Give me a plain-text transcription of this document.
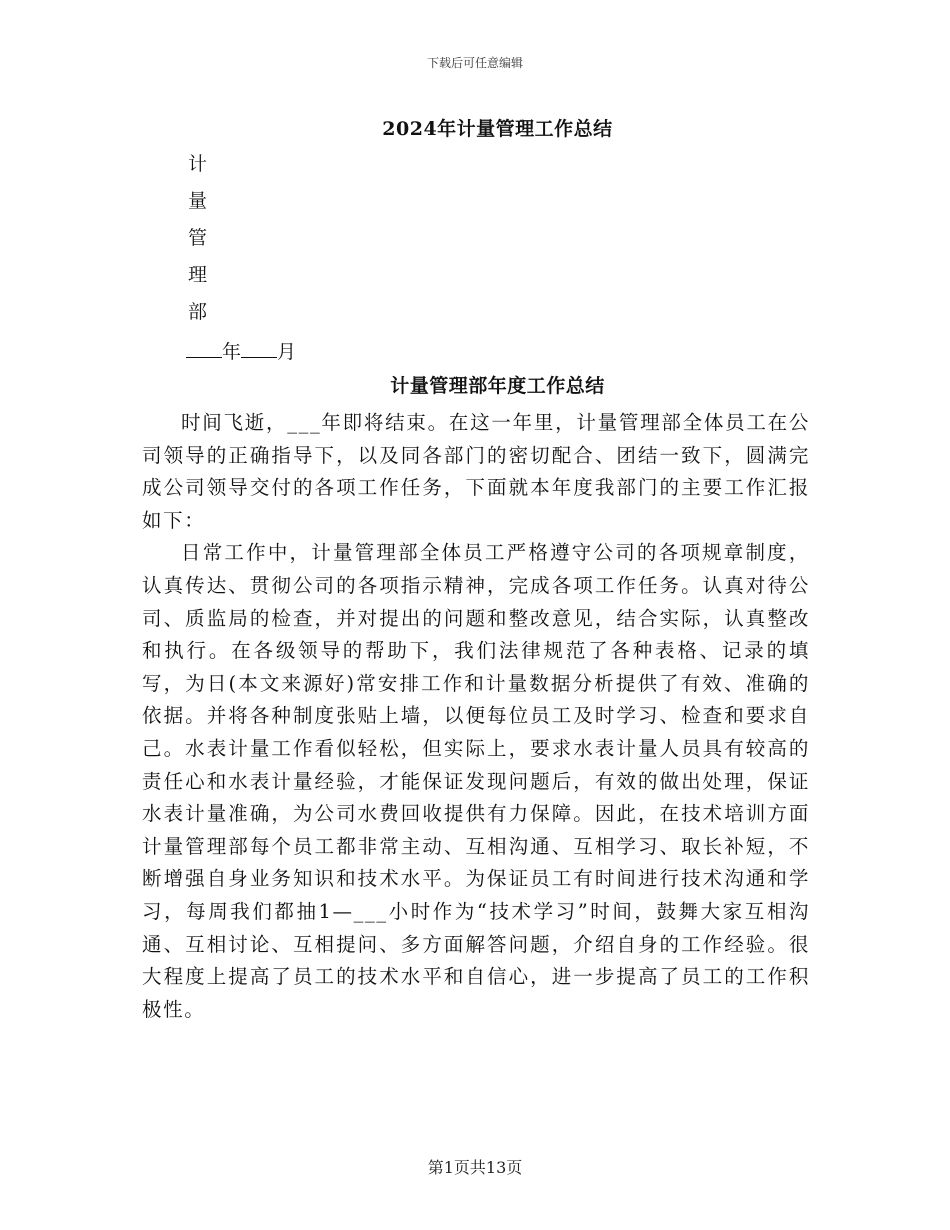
下载后可任意编辑
2024年计量管理工作总结
计
量
管
理
部
年 月
计量管理部年度工作总结

时间飞逝，___年即将结束。在这一年里，计量管理部全体员工在公司领导的正确指导下，以及同各部门的密切配合、团结一致下，圆满完成公司领导交付的各项工作任务，下面就本年度我部门的主要工作汇报如下：

日常工作中，计量管理部全体员工严格遵守公司的各项规章制度，认真传达、贯彻公司的各项指示精神，完成各项工作任务。认真对待公司、质监局的检查，并对提出的问题和整改意见，结合实际，认真整改和执行。在各级领导的帮助下，我们法律规范了各种表格、记录的填写，为日(本文来源好)常安排工作和计量数据分析提供了有效、准确的依据。并将各种制度张贴上墙，以便每位员工及时学习、检查和要求自己。水表计量工作看似轻松，但实际上，要求水表计量人员具有较高的责任心和水表计量经验，才能保证发现问题后，有效的做出处理，保证水表计量准确，为公司水费回收提供有力保障。因此，在技术培训方面计量管理部每个员工都非常主动、互相沟通、互相学习、取长补短，不断增强自身业务知识和技术水平。为保证员工有时间进行技术沟通和学习，每周我们都抽1—___小时作为“技术学习”时间，鼓舞大家互相沟通、互相讨论、互相提问、多方面解答问题，介绍自身的工作经验。很大程度上提高了员工的技术水平和自信心，进一步提高了员工的工作积极性。

第1页共13页
